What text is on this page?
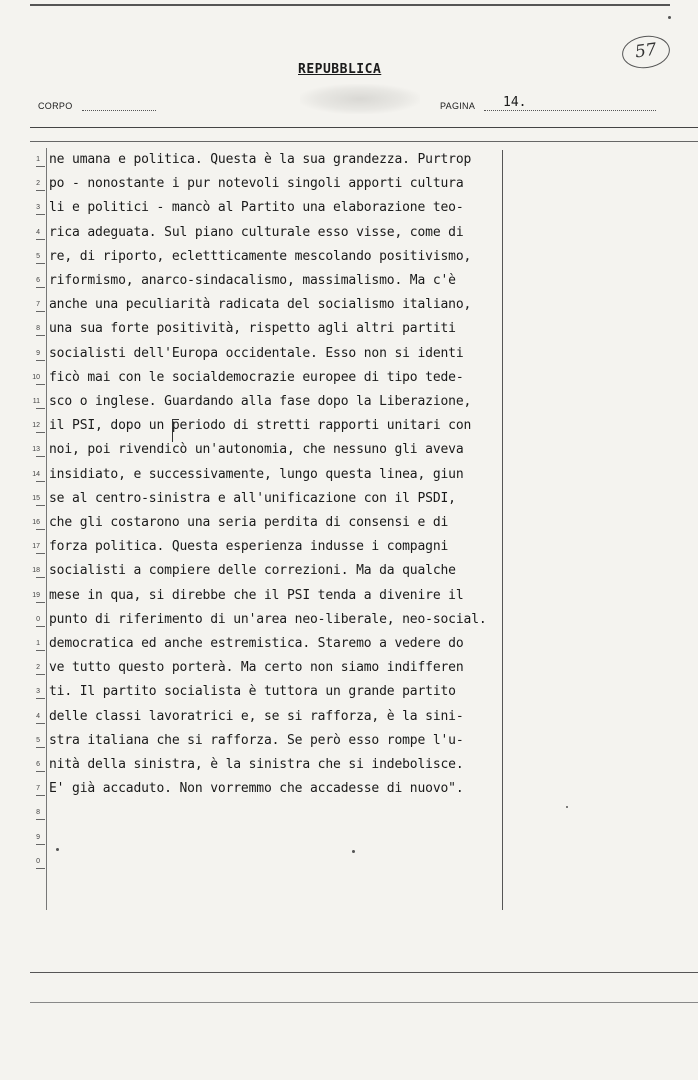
57
REPUBBLICA
CORPO	PAGINA 14.
1
2
3
4
5
6
7
8
9
10
11
12
13
14
15
16
17
18
19
0
1
2
3
4
5
6
7
8
9
0
ne umana e politica. Questa è la sua grandezza. Purtrop
po - nonostante i pur notevoli singoli apporti cultura
li e politici - mancò al Partito una elaborazione teo-
rica adeguata. Sul piano culturale esso visse, come di
re, di riporto, eclettticamente mescolando positivismo,
riformismo, anarco-sindacalismo, massimalismo. Ma c'è
anche una peculiarità radicata del socialismo italiano,
una sua forte positività, rispetto agli altri partiti
socialisti dell'Europa occidentale. Esso non si identi
ficò mai con le socialdemocrazie europee di tipo tede-
sco o inglese. Guardando alla fase dopo la Liberazione,
il PSI, dopo un periodo di stretti rapporti unitari con
noi, poi rivendicò un'autonomia, che nessuno gli aveva
insidiato, e successivamente, lungo questa linea, giun
se al centro-sinistra e all'unificazione con il PSDI,
che gli costarono una seria perdita di consensi e di
forza politica. Questa esperienza indusse i compagni
socialisti a compiere delle correzioni. Ma da qualche
mese in qua, si direbbe che il PSI tenda a divenire il
punto di riferimento di un'area neo-liberale, neo-social.
democratica ed anche estremistica. Staremo a vedere do
ve tutto questo porterà. Ma certo non siamo indifferen
ti. Il partito socialista è tuttora un grande partito
delle classi lavoratrici e, se si rafforza, è la sini-
stra italiana che si rafforza. Se però esso rompe l'u-
nità della sinistra, è la sinistra che si indebolisce.
E' già accaduto. Non vorremmo che accadesse di nuovo".
